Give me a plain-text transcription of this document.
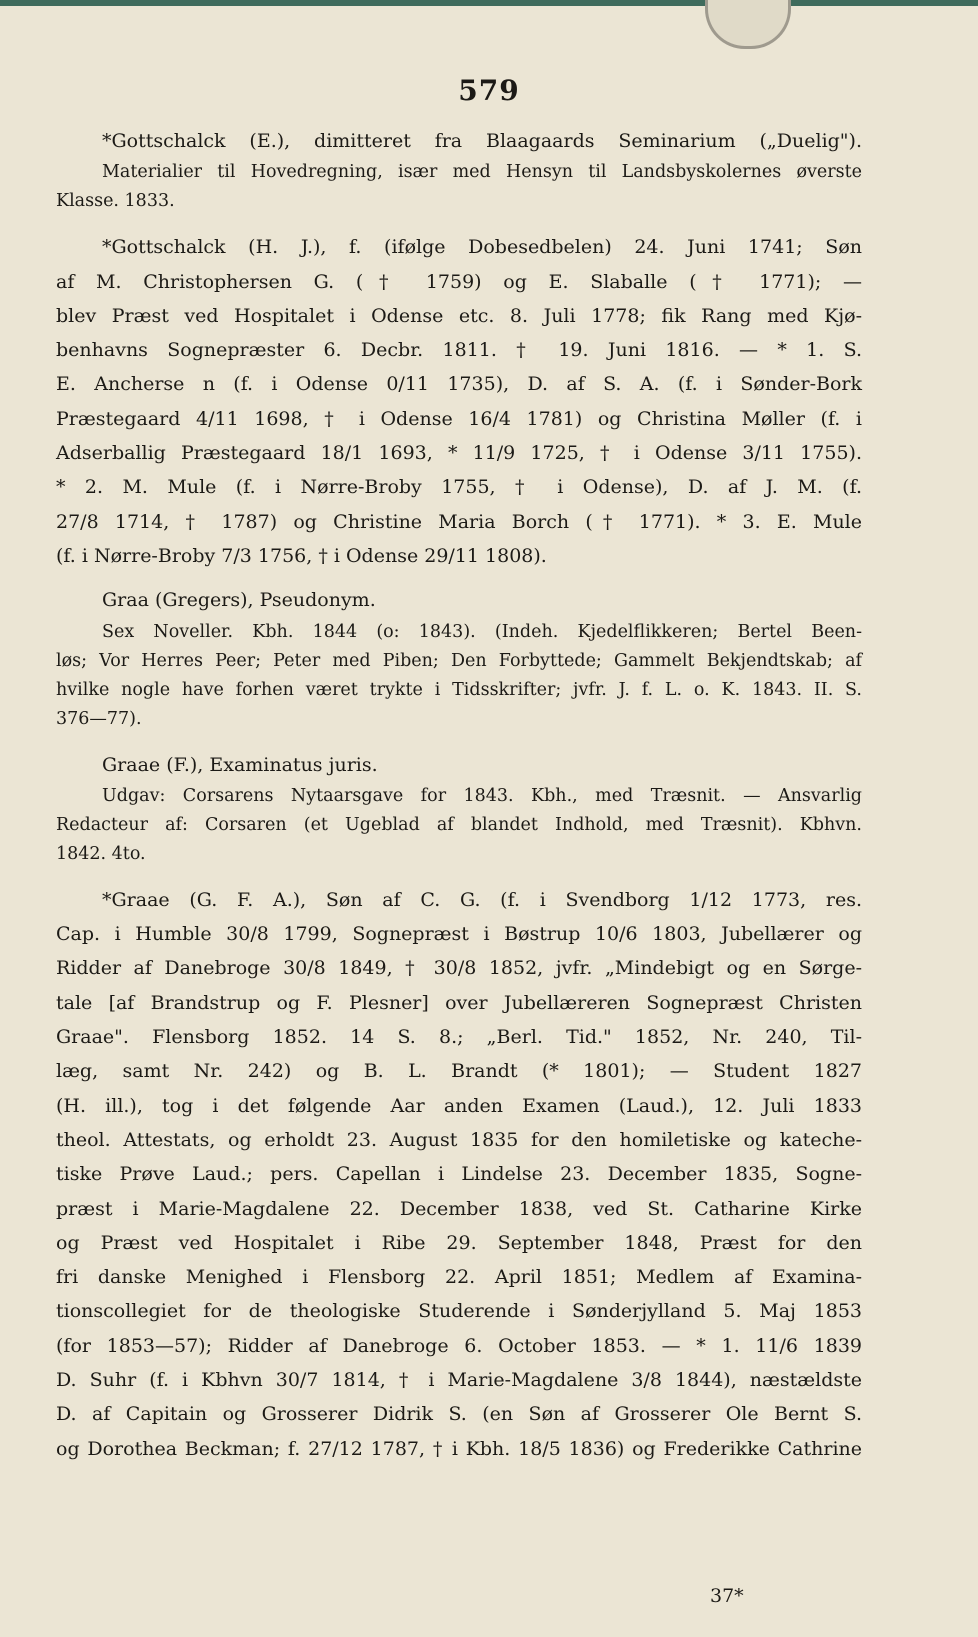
579

*Gottschalck (E.), dimitteret fra Blaagaards Seminarium („Duelig").

Materialier til Hovedregning, især med Hensyn til Landsbyskolernes øverste

Klasse. 1833.

*Gottschalck (H. J.), f. (ifølge Dobesedbelen) 24. Juni 1741; Søn

af M. Christophersen G. († 1759) og E. Slaballe († 1771); —

blev Præst ved Hospitalet i Odense etc. 8. Juli 1778; fik Rang med Kjø-

benhavns Sognepræster 6. Decbr. 1811. † 19. Juni 1816. — * 1. S.

E. Ancherse n (f. i Odense 0/11 1735), D. af S. A. (f. i Sønder-Bork

Præstegaard 4/11 1698, † i Odense 16/4 1781) og Christina Møller (f. i

Adserballig Præstegaard 18/1 1693, * 11/9 1725, † i Odense 3/11 1755).

* 2. M. Mule (f. i Nørre-Broby 1755, † i Odense), D. af J. M. (f.

27/8 1714, † 1787) og Christine Maria Borch († 1771). * 3. E. Mule

(f. i Nørre-Broby 7/3 1756, † i Odense 29/11 1808).

Graa (Gregers), Pseudonym.

Sex Noveller. Kbh. 1844 (o: 1843). (Indeh. Kjedelflikkeren; Bertel Been-

løs; Vor Herres Peer; Peter med Piben; Den Forbyttede; Gammelt Bekjendtskab; af

hvilke nogle have forhen været trykte i Tidsskrifter; jvfr. J. f. L. o. K. 1843. II. S.

376—77).

Graae (F.), Examinatus juris.

Udgav: Corsarens Nytaarsgave for 1843. Kbh., med Træsnit. — Ansvarlig

Redacteur af: Corsaren (et Ugeblad af blandet Indhold, med Træsnit). Kbhvn.

1842. 4to.

*Graae (G. F. A.), Søn af C. G. (f. i Svendborg 1/12 1773, res.

Cap. i Humble 30/8 1799, Sognepræst i Bøstrup 10/6 1803, Jubellærer og

Ridder af Danebroge 30/8 1849, † 30/8 1852, jvfr. „Mindebigt og en Sørge-

tale [af Brandstrup og F. Plesner] over Jubellæreren Sognepræst Christen

Graae". Flensborg 1852. 14 S. 8.; „Berl. Tid." 1852, Nr. 240, Til-

læg, samt Nr. 242) og B. L. Brandt (* 1801); — Student 1827

(H. ill.), tog i det følgende Aar anden Examen (Laud.), 12. Juli 1833

theol. Attestats, og erholdt 23. August 1835 for den homiletiske og kateche-

tiske Prøve Laud.; pers. Capellan i Lindelse 23. December 1835, Sogne-

præst i Marie-Magdalene 22. December 1838, ved St. Catharine Kirke

og Præst ved Hospitalet i Ribe 29. September 1848, Præst for den

fri danske Menighed i Flensborg 22. April 1851; Medlem af Examina-

tionscollegiet for de theologiske Studerende i Sønderjylland 5. Maj 1853

(for 1853—57); Ridder af Danebroge 6. October 1853. — * 1. 11/6 1839

D. Suhr (f. i Kbhvn 30/7 1814, † i Marie-Magdalene 3/8 1844), næstældste

D. af Capitain og Grosserer Didrik S. (en Søn af Grosserer Ole Bernt S.

og Dorothea Beckman; f. 27/12 1787, † i Kbh. 18/5 1836) og Frederikke Cathrine

37*
